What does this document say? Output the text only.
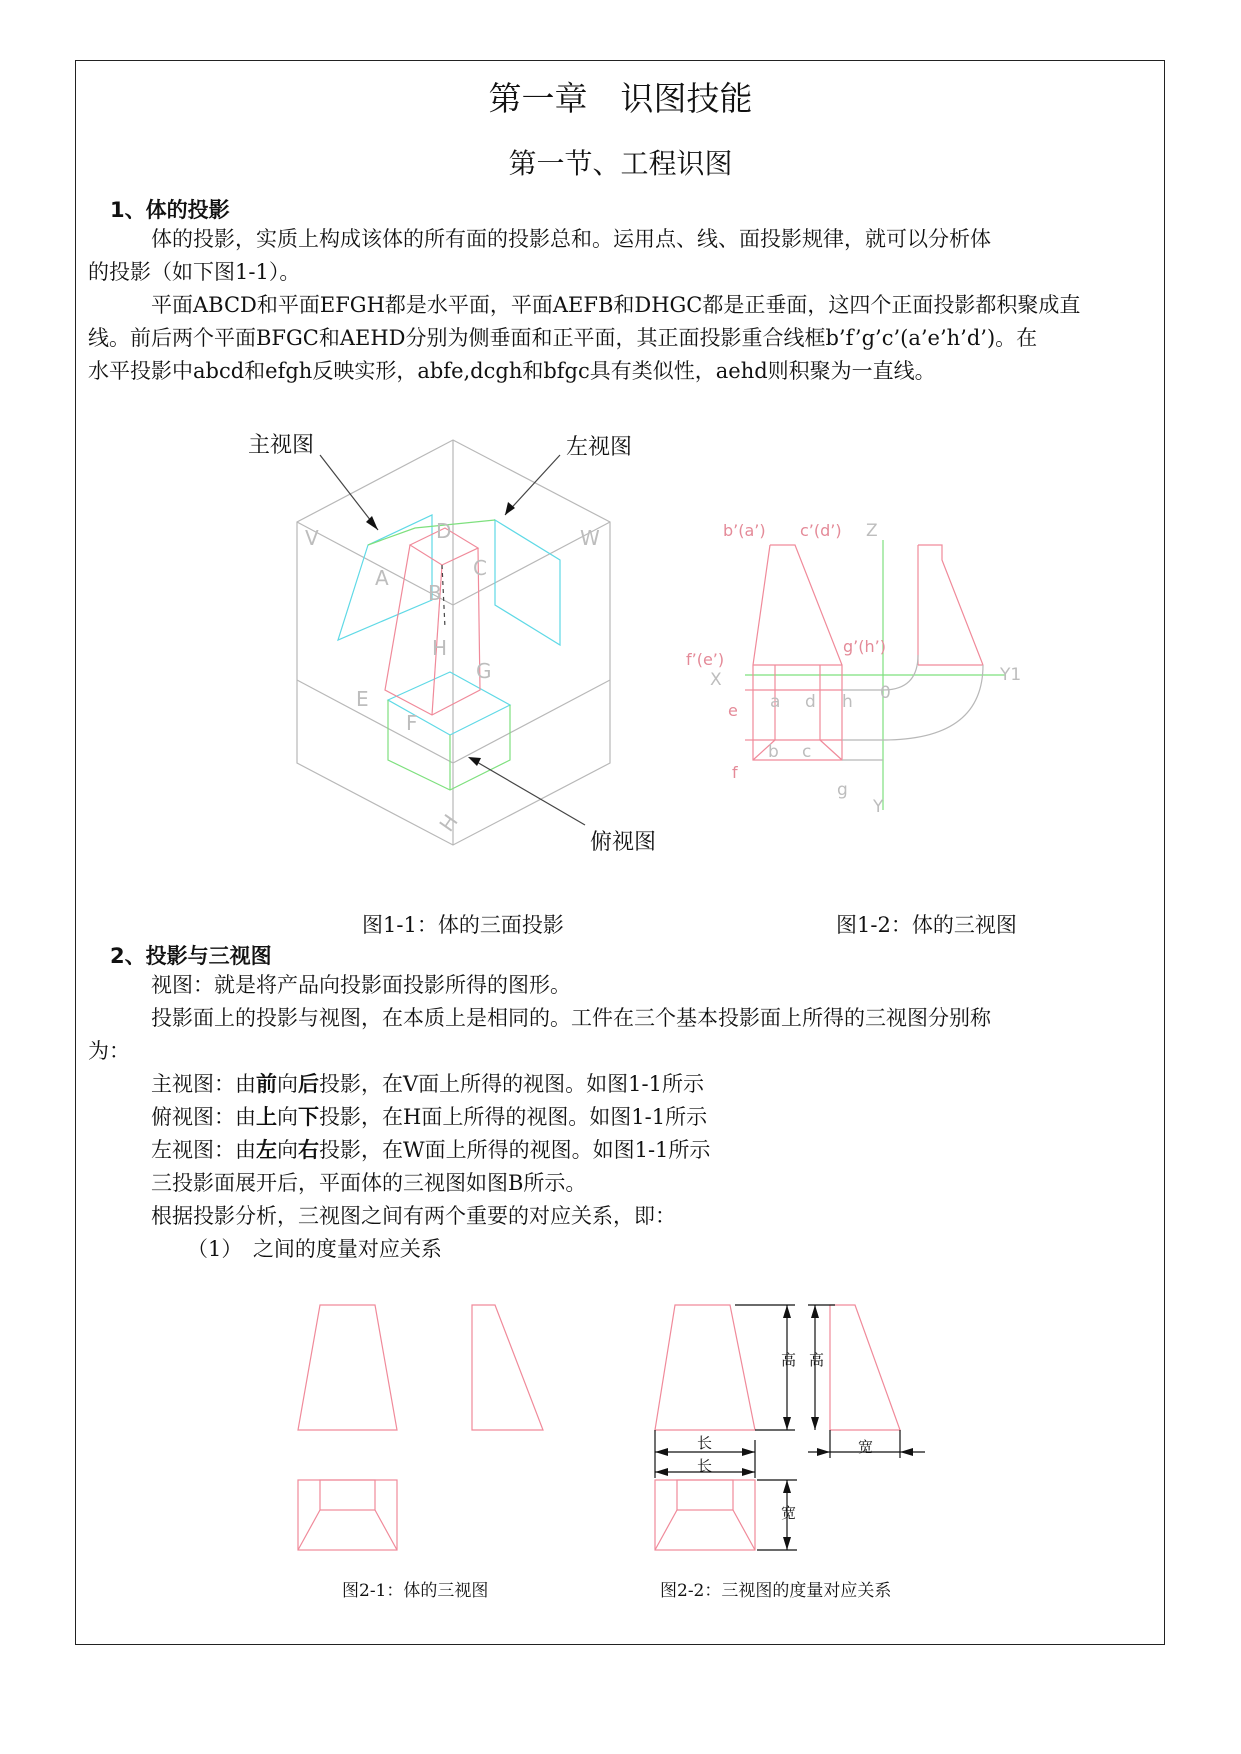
第一章　识图技能
第一节、工程识图
1、体的投影
体的投影，实质上构成该体的所有面的投影总和。运用点、线、面投影规律，就可以分析体
的投影（如下图1-1）。
平面ABCD和平面EFGH都是水平面，平面AEFB和DHGC都是正垂面，这四个正面投影都积聚成直
线。前后两个平面BFGC和AEHD分别为侧垂面和正平面，其正面投影重合线框b’f’g’c’(a’e’h’d’)。在
水平投影中abcd和efgh反映实形，abfe,dcgh和bfgc具有类似性，aehd则积聚为一直线。
V	W
H
A
B
C
D
E
F
G
H
b’(a’) c’(d’) Z
f’(e’)
g’(h’)
X	Y1
Y
0
a d h
e
b c
f
g
主视图	左视图
俯视图
图1-1：体的三面投影	图1-2：体的三视图
2、投影与三视图
视图：就是将产品向投影面投影所得的图形。
投影面上的投影与视图，在本质上是相同的。工件在三个基本投影面上所得的三视图分别称
为：
主视图：由前向后投影，在V面上所得的视图。如图1-1所示
俯视图：由上向下投影，在H面上所得的视图。如图1-1所示
左视图：由左向右投影，在W面上所得的视图。如图1-1所示
三投影面展开后，平面体的三视图如图B所示。
根据投影分析，三视图之间有两个重要的对应关系，即：
（1）　之间的度量对应关系
高 高
长
长
宽
宽
图2-1：体的三视图	图2-2：三视图的度量对应关系
